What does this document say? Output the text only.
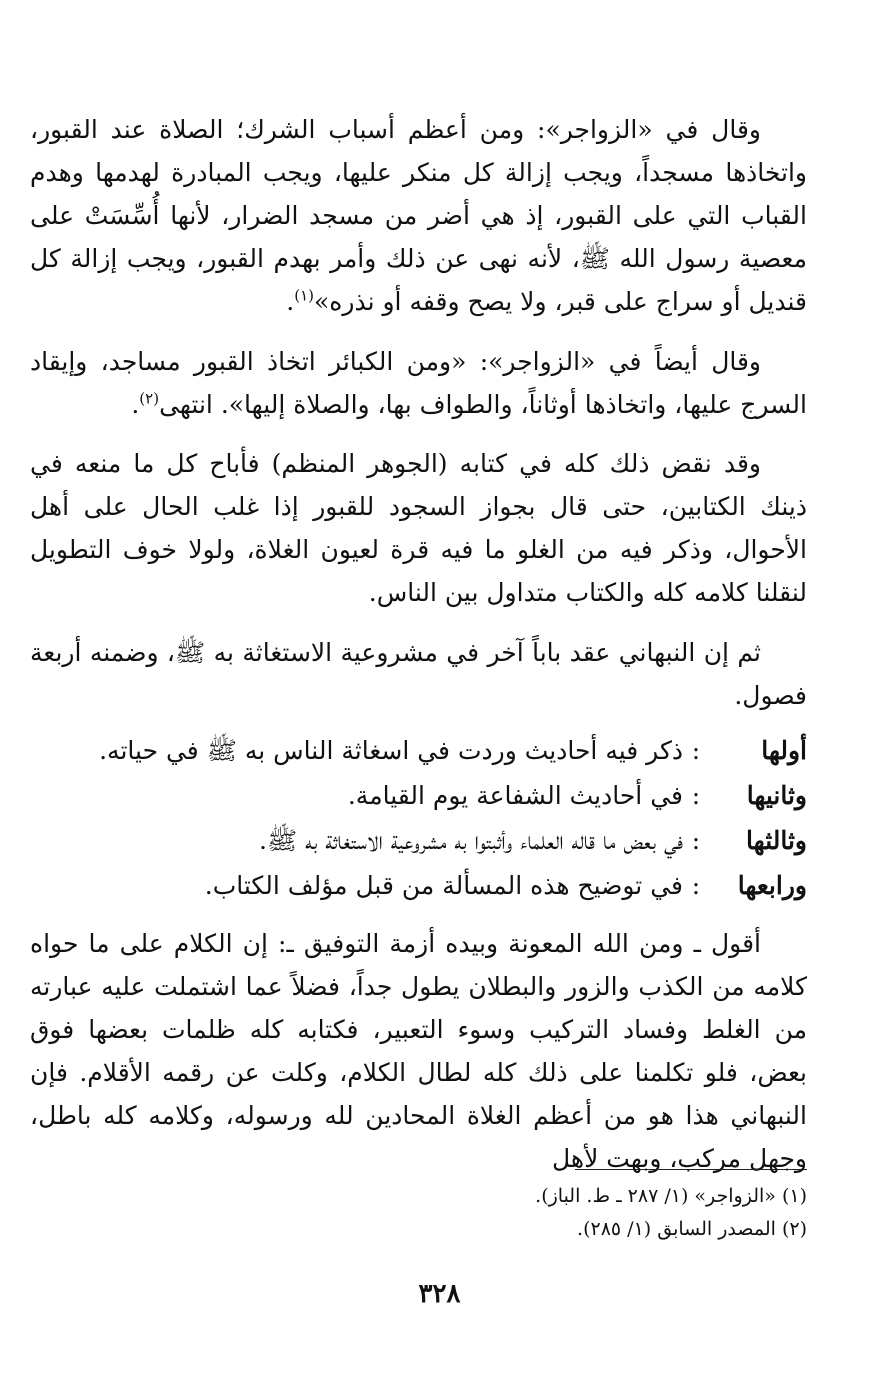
وقال في «الزواجر»: ومن أعظم أسباب الشرك؛ الصلاة عند القبور، واتخاذها مسجداً، ويجب إزالة كل منكر عليها، ويجب المبادرة لهدمها وهدم القباب التي على القبور، إذ هي أضر من مسجد الضرار، لأنها أُسِّسَتْ على معصية رسول الله ﷺ، لأنه نهى عن ذلك وأمر بهدم القبور، ويجب إزالة كل قنديل أو سراج على قبر، ولا يصح وقفه أو نذره»$^{(١)}$.

وقال أيضاً في «الزواجر»: «ومن الكبائر اتخاذ القبور مساجد، وإيقاد السرج عليها، واتخاذها أوثاناً، والطواف بها، والصلاة إليها». انتهى$^{(٢)}$.

وقد نقض ذلك كله في كتابه (الجوهر المنظم) فأباح كل ما منعه في ذينك الكتابين، حتى قال بجواز السجود للقبور إذا غلب الحال على أهل الأحوال، وذكر فيه من الغلو ما فيه قرة لعيون الغلاة، ولولا خوف التطويل لنقلنا كلامه كله والكتاب متداول بين الناس.

ثم إن النبهاني عقد باباً آخر في مشروعية الاستغاثة به ﷺ، وضمنه أربعة فصول.

أولها
:
ذكر فيه أحاديث وردت في اسغاثة الناس به ﷺ في حياته.
وثانيها
:
في أحاديث الشفاعة يوم القيامة.
وثالثها
:
في بعض ما قاله العلماء وأثبتوا به مشروعية الاستغاثة به ﷺ.
ورابعها
:
في توضيح هذه المسألة من قبل مؤلف الكتاب.

أقول ـ ومن الله المعونة وبيده أزمة التوفيق ـ: إن الكلام على ما حواه كلامه من الكذب والزور والبطلان يطول جداً، فضلاً عما اشتملت عليه عبارته من الغلط وفساد التركيب وسوء التعبير، فكتابه كله ظلمات بعضها فوق بعض، فلو تكلمنا على ذلك كله لطال الكلام، وكلت عن رقمه الأقلام. فإن النبهاني هذا هو من أعظم الغلاة المحادين لله ورسوله، وكلامه كله باطل، وجهل مركب، وبهت لأهل

(١) «الزواجر» (١/ ٢٨٧ ـ ط. الباز).
(٢) المصدر السابق (١/ ٢٨٥).
٣٢٨
